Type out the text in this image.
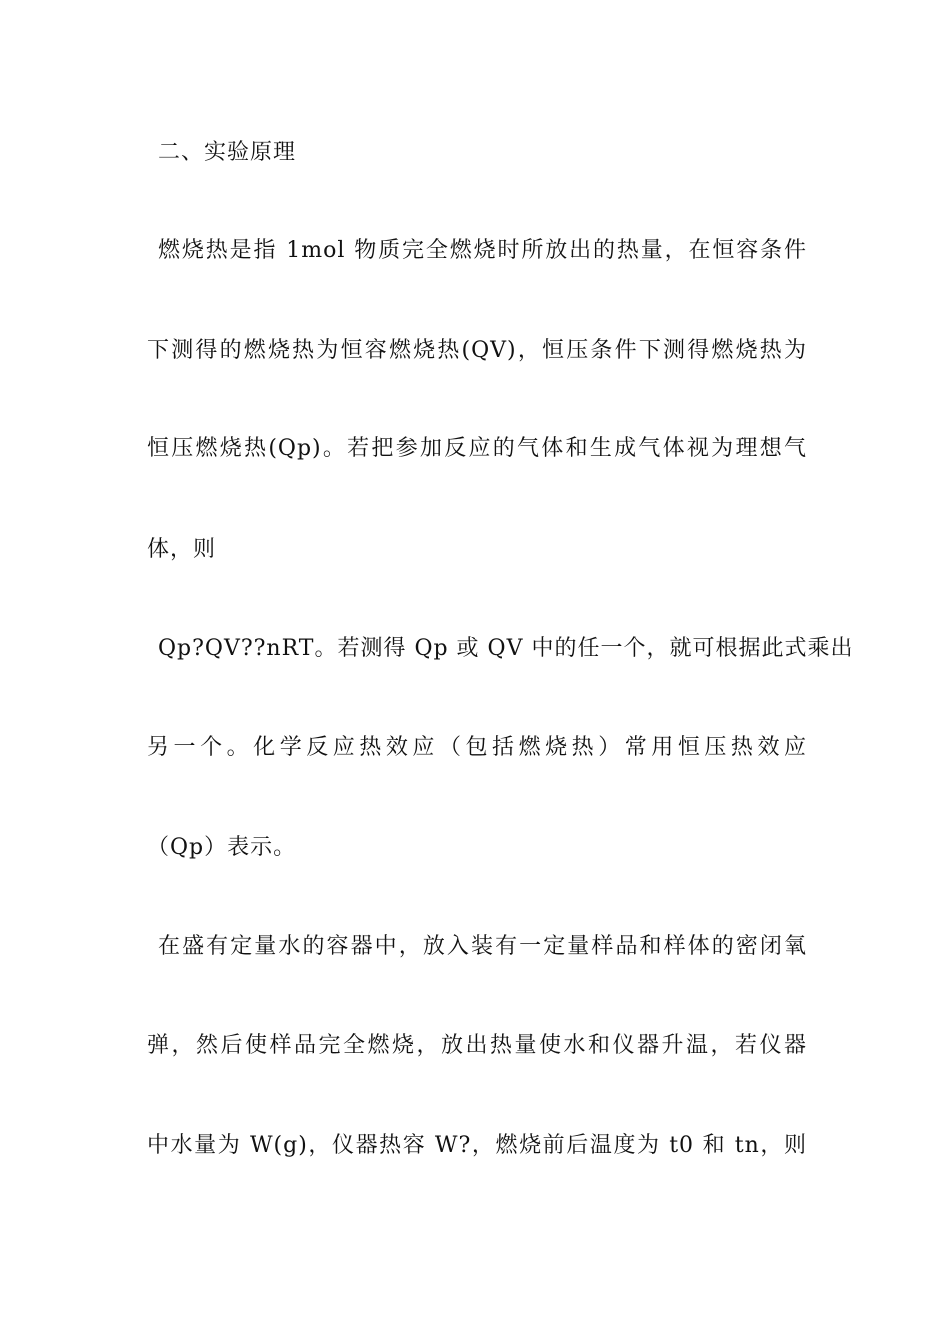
二、实验原理
燃烧热是指 1mol 物质完全燃烧时所放出的热量，在恒容条件
下测得的燃烧热为恒容燃烧热(QV)，恒压条件下测得燃烧热为
恒压燃烧热(Qp)。若把参加反应的气体和生成气体视为理想气
体，则
Qp?QV??nRT。若测得 Qp 或 QV 中的任一个，就可根据此式乘出
另一个。化学反应热效应（包括燃烧热）常用恒压热效应
（Qp）表示。
在盛有定量水的容器中，放入装有一定量样品和样体的密闭氧
弹，然后使样品完全燃烧，放出热量使水和仪器升温，若仪器
中水量为 W(g)，仪器热容 W?，燃烧前后温度为 t0 和 tn，则
